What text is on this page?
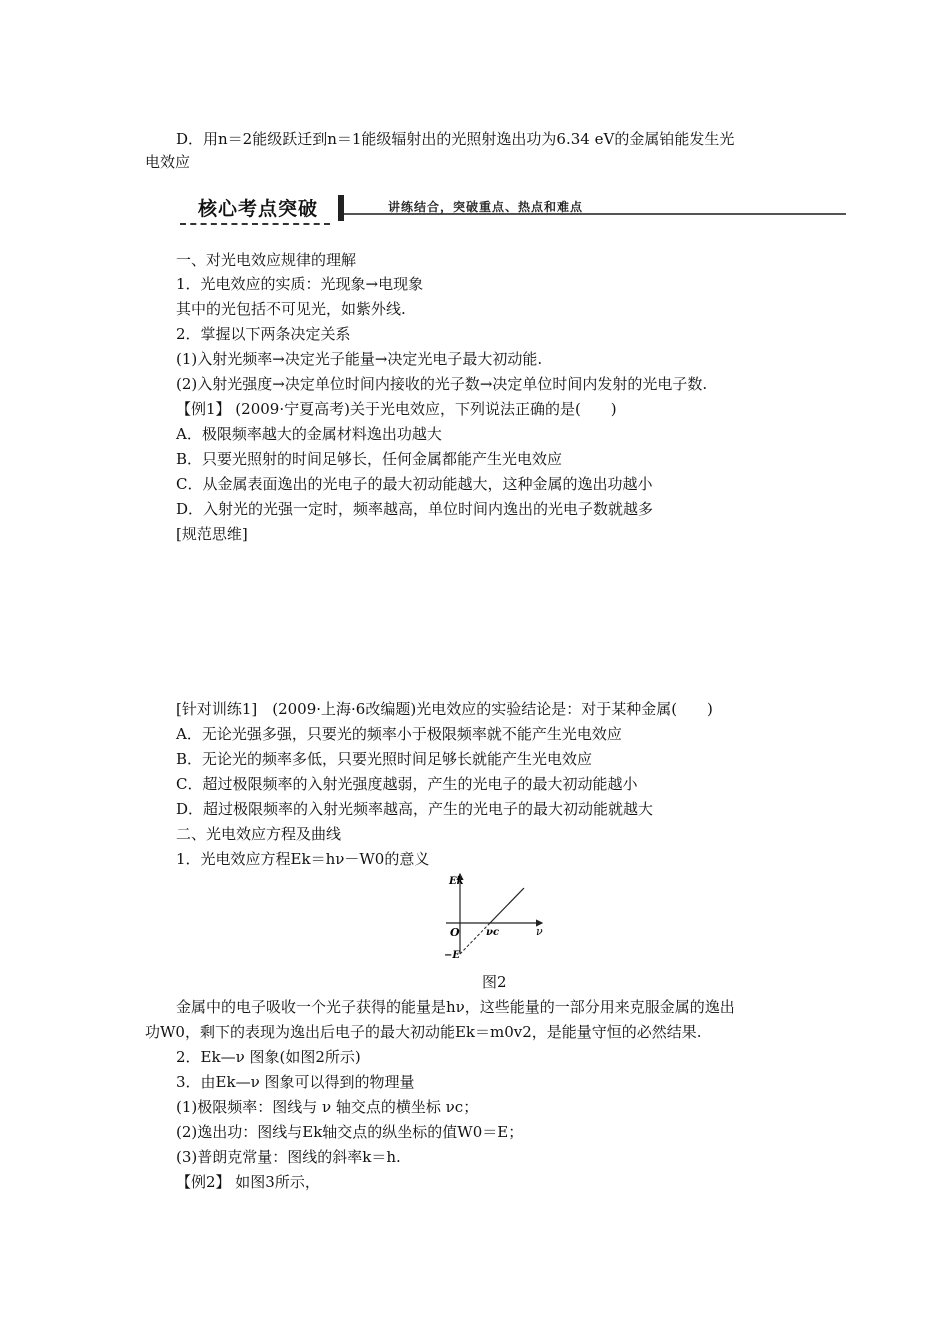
D．用n＝2能级跃迁到n＝1能级辐射出的光照射逸出功为6.34 eV的金属铂能发生光
电效应
核心考点突破	讲练结合，突破重点、热点和难点
一、对光电效应规律的理解
1．光电效应的实质：光现象→电现象
其中的光包括不可见光，如紫外线.
2．掌握以下两条决定关系
(1)入射光频率→决定光子能量→决定光电子最大初动能.
(2)入射光强度→决定单位时间内接收的光子数→决定单位时间内发射的光电子数.
【例1】 (2009·宁夏高考)关于光电效应，下列说法正确的是(　　)
A．极限频率越大的金属材料逸出功越大
B．只要光照射的时间足够长，任何金属都能产生光电效应
C．从金属表面逸出的光电子的最大初动能越大，这种金属的逸出功越小
D．入射光的光强一定时，频率越高，单位时间内逸出的光电子数就越多
[规范思维]
[针对训练1]　(2009·上海·6改编题)光电效应的实验结论是：对于某种金属(　　)
A．无论光强多强，只要光的频率小于极限频率就不能产生光电效应
B．无论光的频率多低，只要光照时间足够长就能产生光电效应
C．超过极限频率的入射光强度越弱，产生的光电子的最大初动能越小
D．超过极限频率的入射光频率越高，产生的光电子的最大初动能就越大
二、光电效应方程及曲线
1．光电效应方程Ek＝hν－W0的意义
Ek
ν
O	νc
−E
图2
金属中的电子吸收一个光子获得的能量是hν，这些能量的一部分用来克服金属的逸出
功W0，剩下的表现为逸出后电子的最大初动能Ek＝m0v2，是能量守恒的必然结果.
2．Ek—ν 图象(如图2所示)
3．由Ek—ν 图象可以得到的物理量
(1)极限频率：图线与 ν 轴交点的横坐标 νc；
(2)逸出功：图线与Ek轴交点的纵坐标的值W0＝E；
(3)普朗克常量：图线的斜率k＝h.
【例2】 如图3所示，
